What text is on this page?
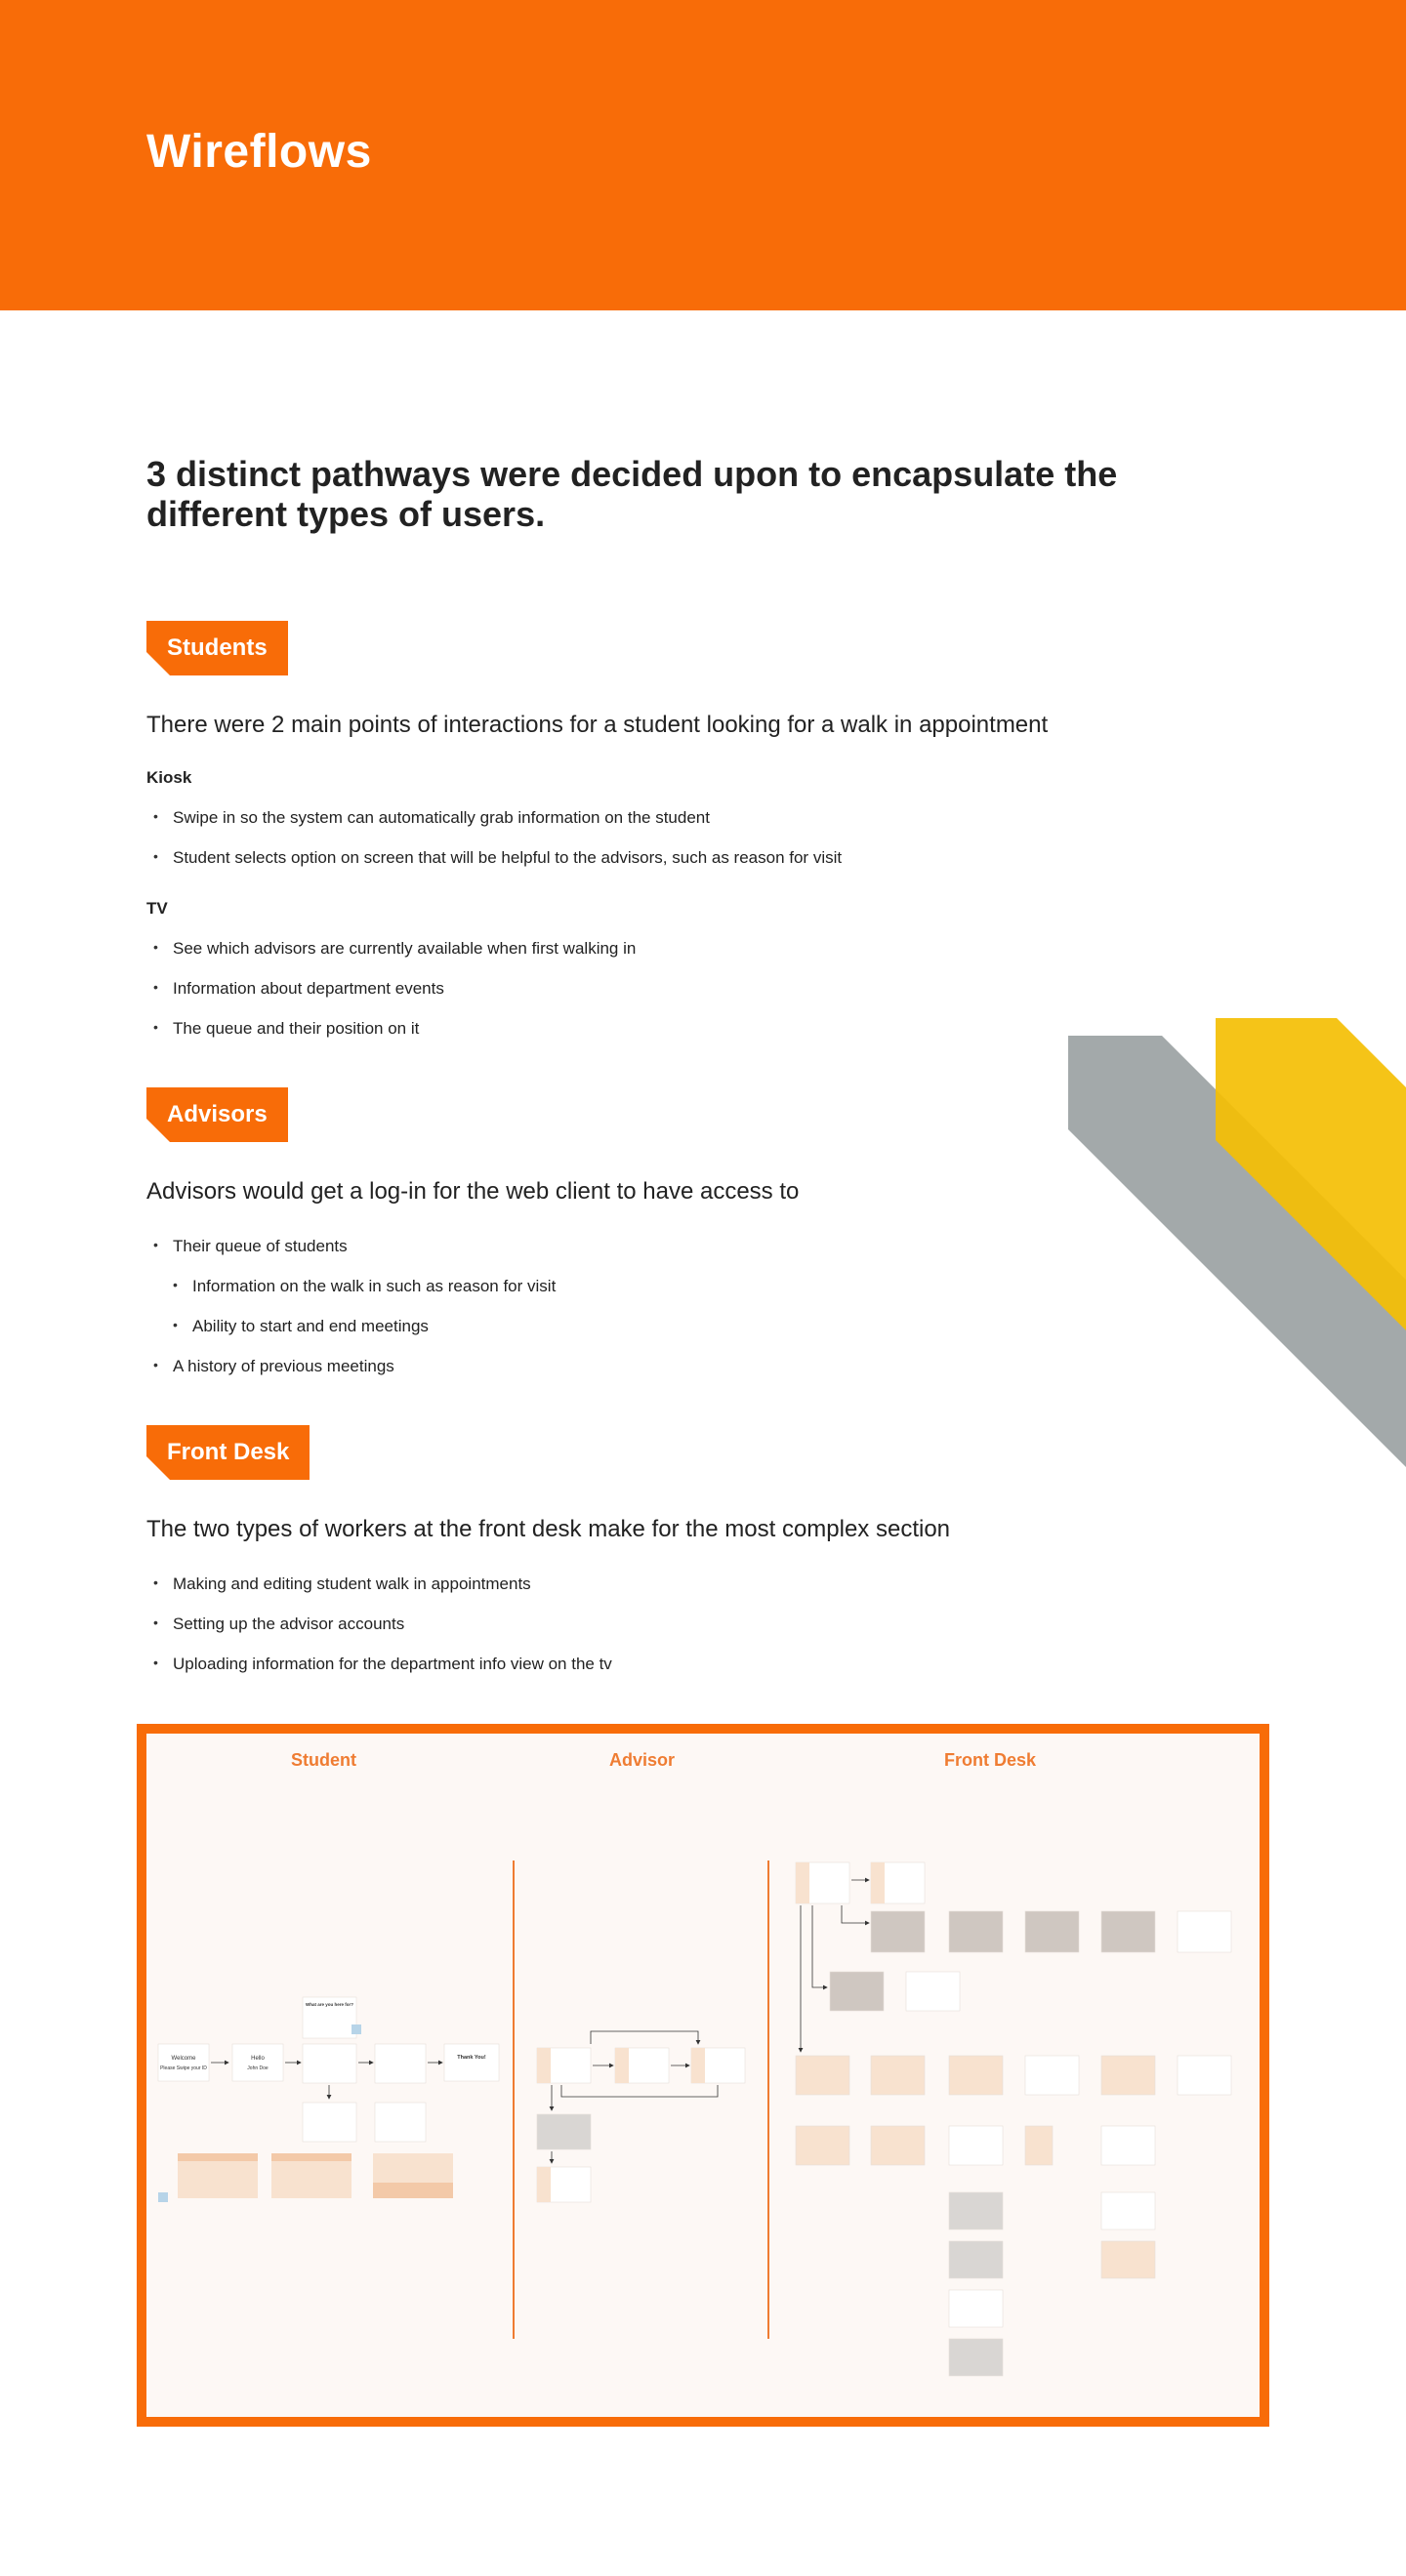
Wireflows
3 distinct pathways were decided upon to encapsulate the different types of users.
Students

There were 2 main points of interactions for a student looking for a walk in appointment

Kiosk

• Swipe in so the system can automatically grab information on the student

• Student selects option on screen that will be helpful to the advisors, such as reason for visit

TV

• See which advisors are currently available when first walking in

• Information about department events

• The queue and their position on it

Advisors

Advisors would get a log-in for the web client to have access to

• Their queue of students

• Information on the walk in such as reason for visit

• Ability to start and end meetings

• A history of previous meetings

Front Desk

The two types of workers at the front desk make for the most complex section

• Making and editing student walk in appointments

• Setting up the advisor accounts

• Uploading information for the department info view on the tv

Student	Advisor	Front Desk
Welcome
Please Swipe your ID
Hello
John Doe
What are you here for?
Thank You!
